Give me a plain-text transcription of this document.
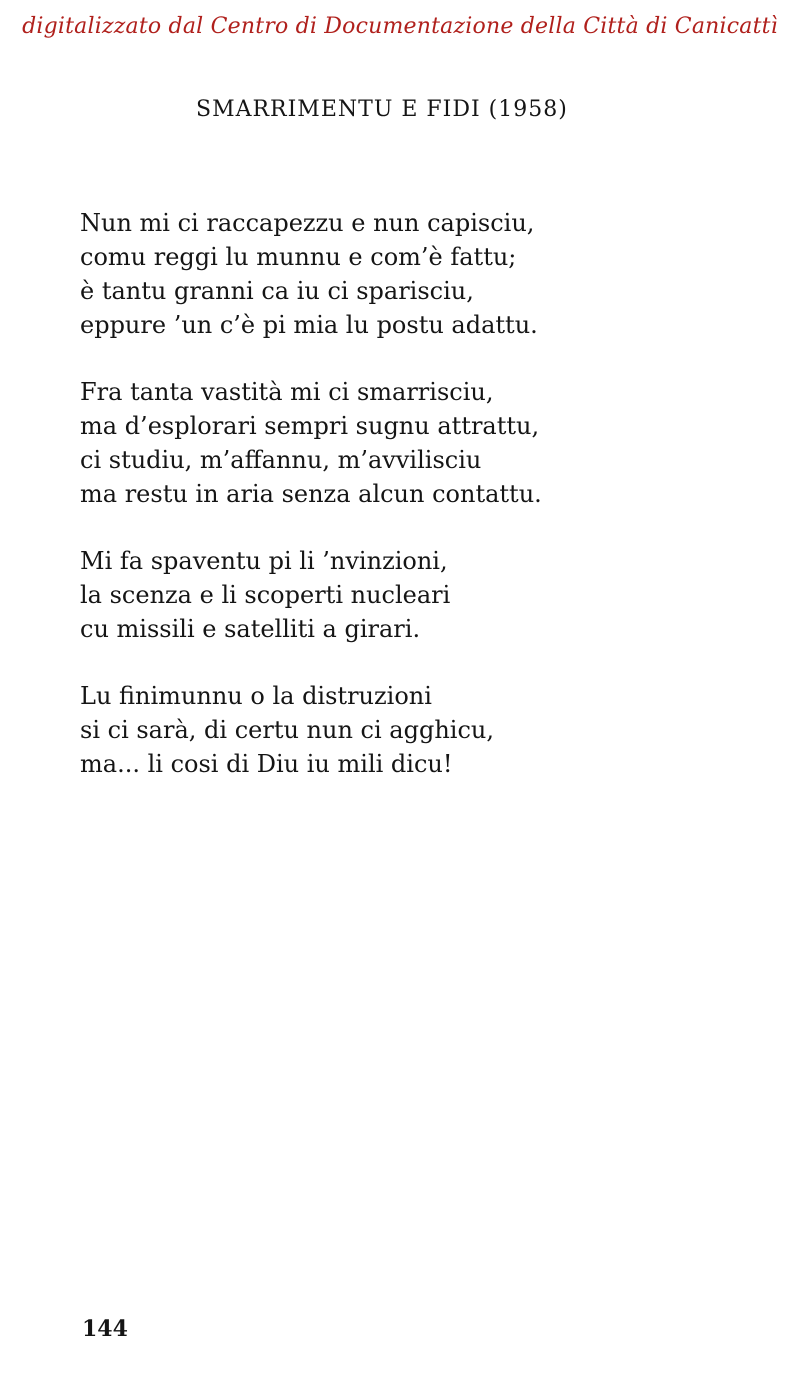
digitalizzato dal Centro di Documentazione della Città di Canicattì
SMARRIMENTU E FIDI (1958)
Nun mi ci raccapezzu e nun capisciu,
comu reggi lu munnu e com’è fattu;
è tantu granni ca iu ci sparisciu,
eppure ’un c’è pi mia lu postu adattu.
Fra tanta vastità mi ci smarrisciu,
ma d’esplorari sempri sugnu attrattu,
ci studiu, m’affannu, m’avvilisciu
ma restu in aria senza alcun contattu.
Mi fa spaventu pi li ’nvinzioni,
la scenza e li scoperti nucleari
cu missili e satelliti a girari.
Lu finimunnu o la distruzioni
si ci sarà, di certu nun ci agghicu,
ma... li cosi di Diu iu mili dicu!
144
